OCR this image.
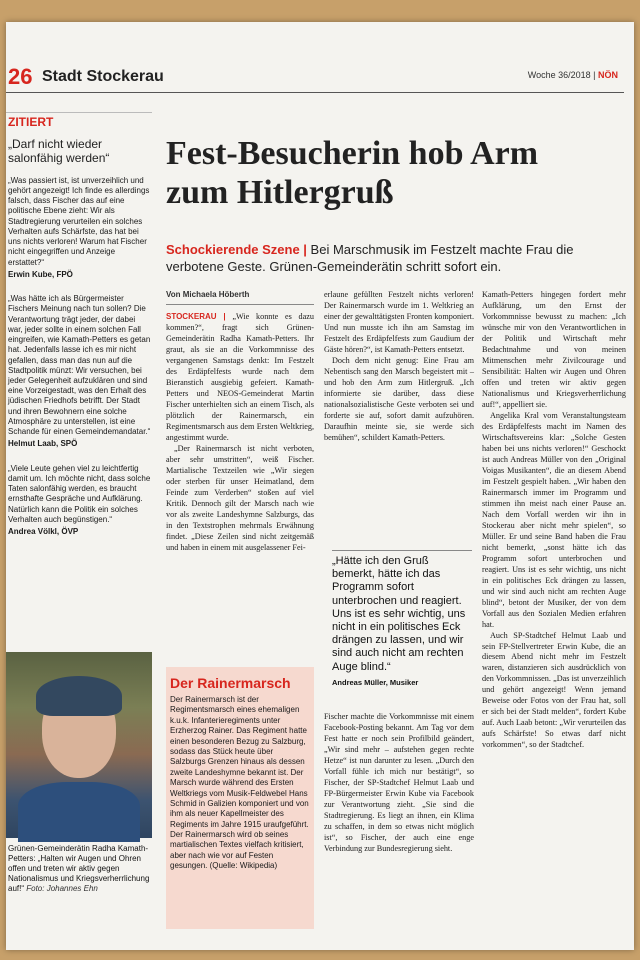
26 Stadt Stockerau	Woche 36/2018 | NÖN
ZITIERT
„Darf nicht wieder salonfähig werden“
„Was passiert ist, ist unverzeihlich und gehört angezeigt! Ich finde es allerdings falsch, dass Fischer das auf eine politische Ebene zieht: Wir als Stadtregierung verurteilen ein solches Verhalten aufs Schärfste, das hat bei uns nichts verloren! Warum hat Fischer nicht eingegriffen und Anzeige erstattet?“
Erwin Kube, FPÖ
„Was hätte ich als Bürgermeister Fischers Meinung nach tun sollen? Die Verantwortung trägt jeder, der dabei war, jeder sollte in einem solchen Fall eingreifen, wie Kamath-Petters es getan hat. Jedenfalls lasse ich es mir nicht gefallen, dass man das nun auf die Stadtpolitik münzt: Wir versuchen, bei jeder Gelegenheit aufzuklären und sind eine Vorzeigestadt, was den Erhalt des jüdischen Friedhofs betrifft. Der Stadt und ihren Bewohnern eine solche Atmosphäre zu unterstellen, ist eine Schande für einen Gemeindemandatar.“
Helmut Laab, SPÖ
„Viele Leute gehen viel zu leichtfertig damit um. Ich möchte nicht, dass solche Taten salonfähig werden, es braucht ernsthafte Gespräche und Aufklärung. Natürlich kann die Politik ein solches Verhalten auch begünstigen.“
Andrea Völkl, ÖVP
Grünen-Gemeinderätin Radha Kamath-Petters: „Halten wir Augen und Ohren offen und treten wir aktiv gegen Nationalismus und Kriegsverherrlichung auf!“ Foto: Johannes Ehn
Fest-Besucherin hob Arm zum Hitlergruß
Schockierende Szene | Bei Marschmusik im Festzelt machte Frau die verbotene Geste. Grünen-Gemeinderätin schritt sofort ein.
Von Michaela Höberth

STOCKERAU | „Wie konnte es dazu kommen?“, fragt sich Grünen-Gemeinderätin Radha Kamath-Petters. Ihr graut, als sie an die Vorkommnisse des vergangenen Samstags denkt: Im Festzelt des Erdäpfelfests wurde nach dem Bieranstich ausgiebig gefeiert. Kamath-Petters und NEOS-Gemeinderat Martin Fischer unterhielten sich an einem Tisch, als plötzlich der Rainermarsch, ein Regimentsmarsch aus dem Ersten Weltkrieg, angestimmt wurde.

„Der Rainermarsch ist nicht verboten, aber sehr umstritten“, weiß Fischer. Martialische Textzeilen wie „Wir siegen oder sterben für unser Heimatland, dem Feinde zum Verderben“ stoßen auf viel Kritik. Dennoch gilt der Marsch nach wie vor als zweite Landeshymne Salzburgs, das in den Textstrophen mehrmals Erwähnung findet. „Diese Zeilen sind nicht zeitgemäß und haben in einem mit ausgelassener Fei-

Der Rainermarsch

Der Rainermarsch ist der Regimentsmarsch eines ehemaligen k.u.k. Infanterieregiments unter Erzherzog Rainer. Das Regiment hatte einen besonderen Bezug zu Salzburg, sodass das Stück heute über Salzburgs Grenzen hinaus als dessen zweite Landeshymne bekannt ist. Der Marsch wurde während des Ersten Weltkriegs vom Musik-Feldwebel Hans Schmid in Galizien komponiert und von ihm als neuer Kapellmeister des Regiments im Jahre 1915 uraufgeführt. Der Rainermarsch wird ob seines martialischen Textes vielfach kritisiert, aber nach wie vor auf Festen gesungen. (Quelle: Wikipedia)

erlaune gefüllten Festzelt nichts verloren! Der Rainermarsch wurde im 1. Weltkrieg an einer der gewalttätigsten Fronten komponiert. Und nun musste ich ihn am Samstag im Festzelt des Erdäpfelfests zum Gaudium der Gäste hören?“, ist Kamath-Petters entsetzt.

Doch dem nicht genug: Eine Frau am Nebentisch sang den Marsch begeistert mit – und hob den Arm zum Hitlergruß. „Ich informierte sie darüber, dass diese nationalsozialistische Geste verboten sei und forderte sie auf, sofort damit aufzuhören. Daraufhin meinte sie, sie werde sich bemühen“, schildert Kamath-Petters.

„Hätte ich den Gruß bemerkt, hätte ich das Programm sofort unterbrochen und reagiert. Uns ist es sehr wichtig, uns nicht in ein politisches Eck drängen zu lassen, und wir sind auch nicht am rechten Auge blind.“
Andreas Müller, Musiker

Fischer machte die Vorkommnisse mit einem Facebook-Posting bekannt. Am Tag vor dem Fest hatte er noch sein Profilbild geändert, „Wir sind mehr – aufstehen gegen rechte Hetze“ ist nun darunter zu lesen. „Durch den Vorfall fühle ich mich nur bestätigt“, so Fischer, der SP-Stadtchef Helmut Laab und FP-Bürgermeister Erwin Kube via Facebook zur Verantwortung zieht. „Sie sind die Stadtregierung. Es liegt an ihnen, ein Klima zu schaffen, in dem so etwas nicht möglich ist“, so Fischer, der auch eine enge Verbindung zur Bundesregierung sieht.

Kamath-Petters hingegen fordert mehr Aufklärung, um den Ernst der Vorkommnisse bewusst zu machen: „Ich wünsche mir von den Verantwortlichen in der Politik und Wirtschaft mehr Bedachtnahme und von meinen Mitmenschen mehr Zivilcourage und Sensibilität: Halten wir Augen und Ohren offen und treten wir aktiv gegen Nationalismus und Kriegsverherrlichung auf!“, appelliert sie.

Angelika Kral vom Veranstaltungsteam des Erdäpfelfests macht im Namen des Wirtschaftsvereins klar: „Solche Gesten haben bei uns nichts verloren!“ Geschockt ist auch Andreas Müller von den „Original Voigas Musikanten“, die an diesem Abend im Festzelt gespielt haben. „Wir haben den Rainermarsch immer im Programm und stimmen ihn meist nach einer Pause an. Nach dem Vorfall werden wir ihn in Stockerau aber nicht mehr spielen“, so Müller. Er und seine Band haben die Frau nicht bemerkt, „sonst hätte ich das Programm sofort unterbrochen und reagiert. Uns ist es sehr wichtig, uns nicht in ein politisches Eck drängen zu lassen, und wir sind auch nicht am rechten Auge blind“, betont der Musiker, der von dem Vorfall aus den Sozialen Medien erfahren hat.

Auch SP-Stadtchef Helmut Laab und sein FP-Stellvertreter Erwin Kube, die an diesem Abend nicht mehr im Festzelt waren, distanzieren sich ausdrücklich von den Vorkommnissen. „Das ist unverzeihlich und gehört angezeigt! Wenn jemand Beweise oder Fotos von der Frau hat, soll er sich bei der Stadt melden“, fordert Kube auf. Auch Laab betont: „Wir verurteilen das aufs Schärfste! So etwas darf nicht vorkommen“, so der Stadtchef.
